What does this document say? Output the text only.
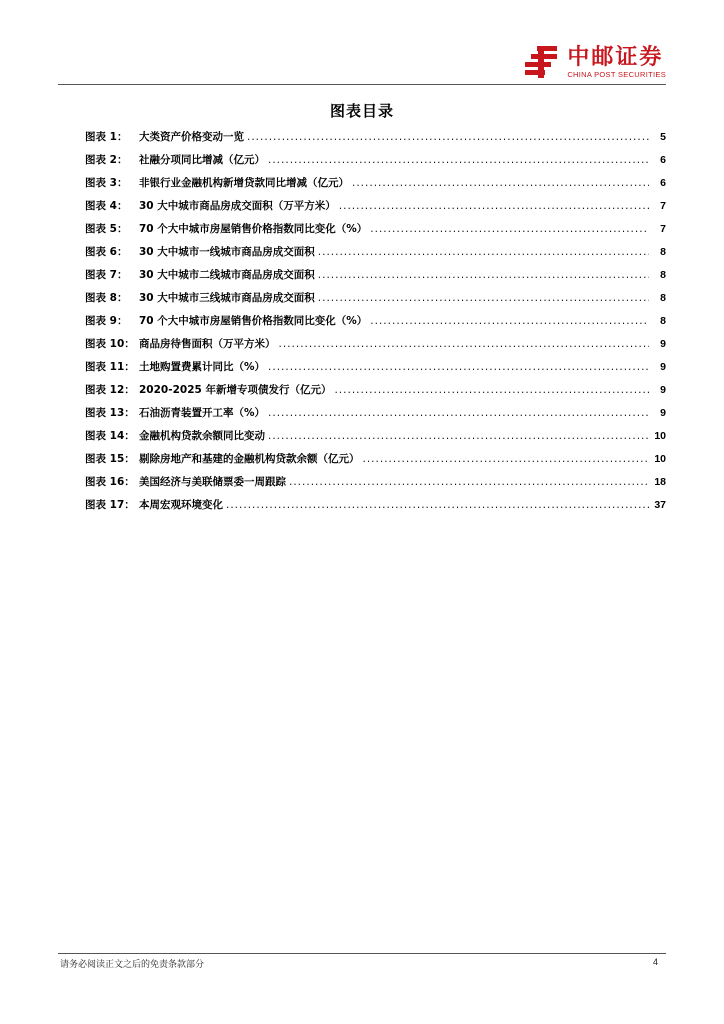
中邮证券
CHINA POST SECURITIES
图表目录
图表 1：	大类资产价格变动一览 .....	5
图表 2：	社融分项同比增减（亿元） .....	6
图表 3：	非银行业金融机构新增贷款同比增减（亿元） .....	6
图表 4：	30 大中城市商品房成交面积（万平方米） .....	7
图表 5：	70 个大中城市房屋销售价格指数同比变化（%） .....	7
图表 6：	30 大中城市一线城市商品房成交面积 .....	8
图表 7：	30 大中城市二线城市商品房成交面积 .....	8
图表 8：	30 大中城市三线城市商品房成交面积 .....	8
图表 9：	70 个大中城市房屋销售价格指数同比变化（%） .....	8
图表 10： 商品房待售面积（万平方米） .....	9
图表 11： 土地购置费累计同比（%） .....	9
图表 12： 2020-2025 年新增专项债发行（亿元） .....	9
图表 13： 石油沥青装置开工率（%） .....	9
图表 14： 金融机构贷款余额同比变动 .....	10
图表 15： 剔除房地产和基建的金融机构贷款余额（亿元） .....	10
图表 16： 美国经济与美联储票委一周跟踪 .....	18
图表 17： 本周宏观环境变化 .....	37
请务必阅读正文之后的免责条款部分	4
